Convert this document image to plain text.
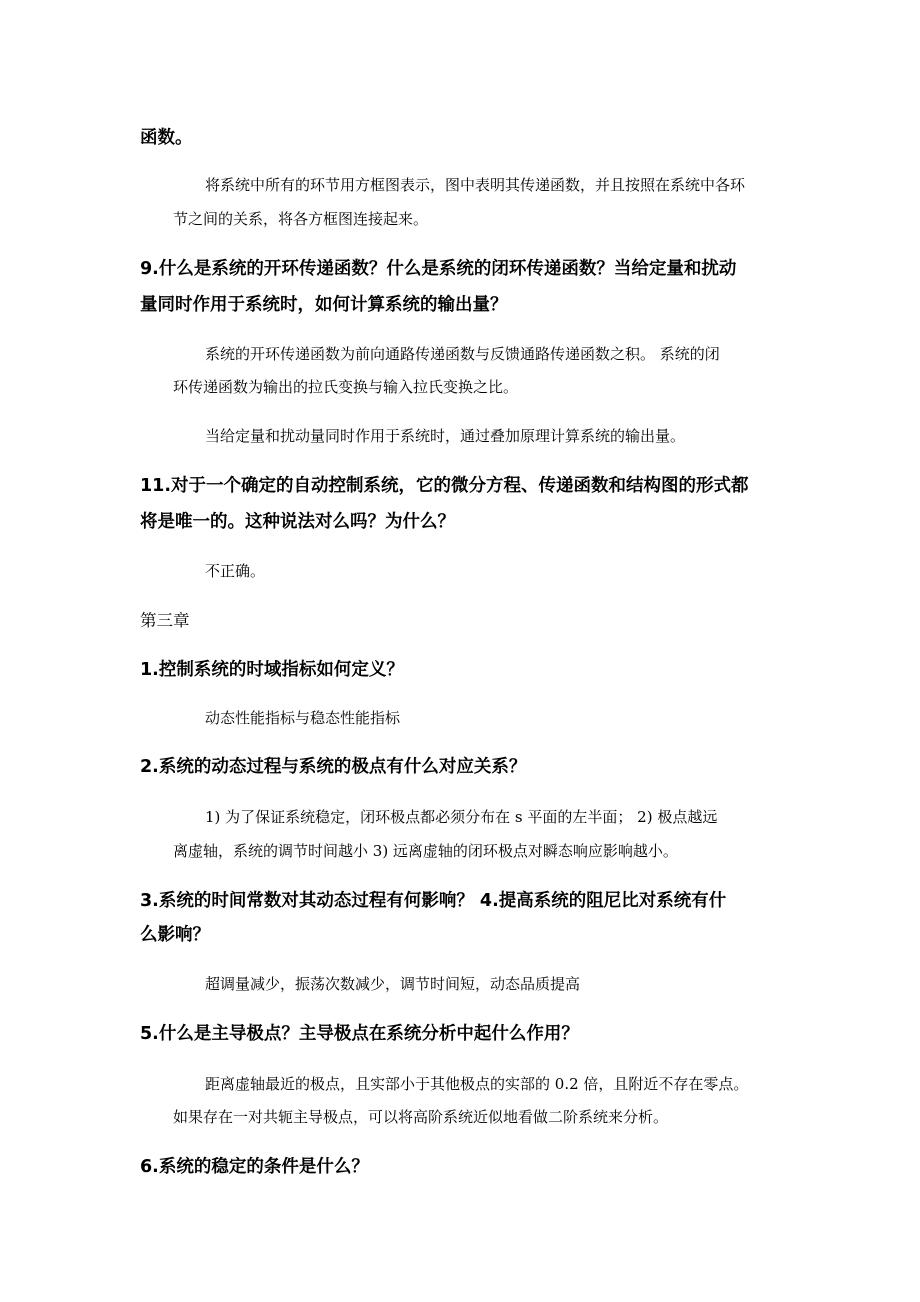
函数。

将系统中所有的环节用方框图表示，图中表明其传递函数，并且按照在系统中各环

节之间的关系，将各方框图连接起来。

9.什么是系统的开环传递函数？什么是系统的闭环传递函数？当给定量和扰动

量同时作用于系统时，如何计算系统的输出量？

系统的开环传递函数为前向通路传递函数与反馈通路传递函数之积。 系统的闭

环传递函数为输出的拉氏变换与输入拉氏变换之比。

当给定量和扰动量同时作用于系统时，通过叠加原理计算系统的输出量。

11.对于一个确定的自动控制系统，它的微分方程、传递函数和结构图的形式都

将是唯一的。这种说法对么吗？为什么？

不正确。

第三章

1.控制系统的时域指标如何定义？

动态性能指标与稳态性能指标

2.系统的动态过程与系统的极点有什么对应关系？

1) 为了保证系统稳定，闭环极点都必须分布在 s 平面的左半面； 2) 极点越远

离虚轴，系统的调节时间越小 3) 远离虚轴的闭环极点对瞬态响应影响越小。

3.系统的时间常数对其动态过程有何影响？ 4.提高系统的阻尼比对系统有什

么影响？

超调量减少，振荡次数减少，调节时间短，动态品质提高

5.什么是主导极点？主导极点在系统分析中起什么作用？

距离虚轴最近的极点，且实部小于其他极点的实部的 0.2 倍，且附近不存在零点。

如果存在一对共轭主导极点，可以将高阶系统近似地看做二阶系统来分析。

6.系统的稳定的条件是什么？
